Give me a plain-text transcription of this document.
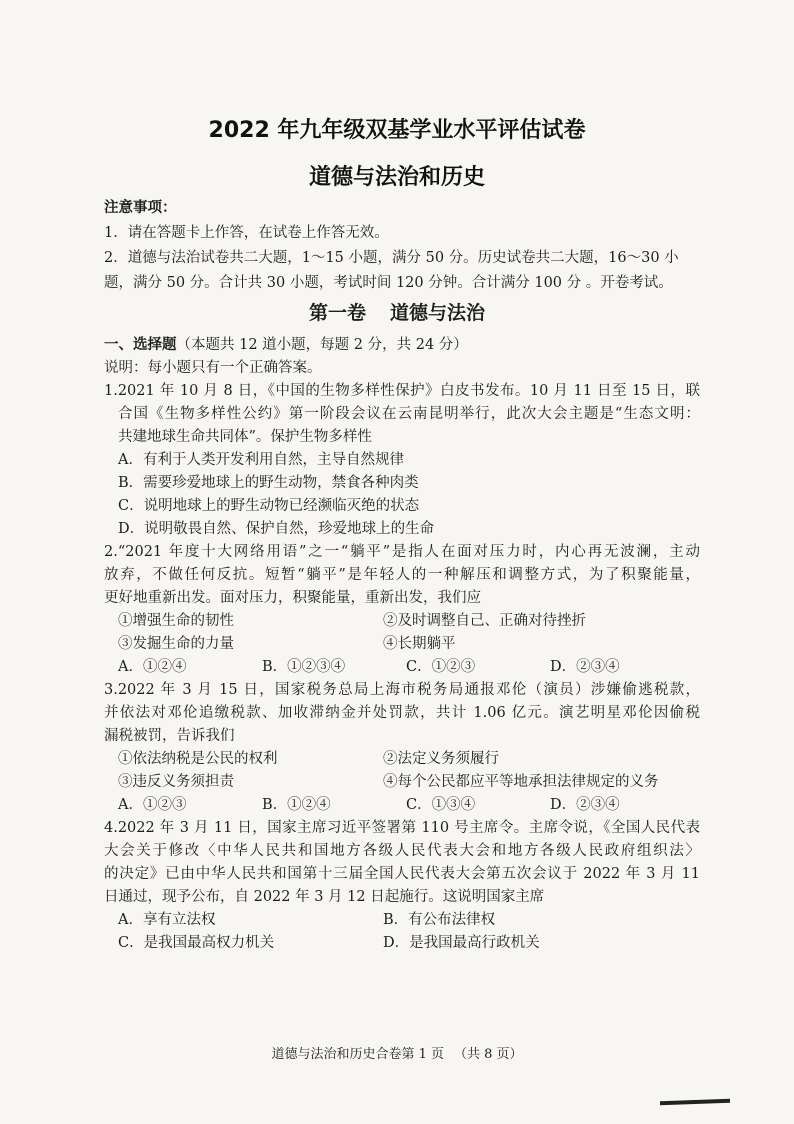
2022 年九年级双基学业水平评估试卷
道德与法治和历史
注意事项：
1．请在答题卡上作答，在试卷上作答无效。
2．道德与法治试卷共二大题，1～15 小题，满分 50 分。历史试卷共二大题，16～30 小
题，满分 50 分。合计共 30 小题，考试时间 120 分钟。合计满分 100 分 。开卷考试。
第一卷 道德与法治
一、选择题（本题共 12 道小题，每题 2 分，共 24 分）
说明：每小题只有一个正确答案。
1.2021 年 10 月 8 日，《中国的生物多样性保护》白皮书发布。10 月 11 日至 15 日，联
合国《生物多样性公约》第一阶段会议在云南昆明举行，此次大会主题是“生态文明：
共建地球生命共同体”。保护生物多样性
A．有利于人类开发利用自然，主导自然规律
B．需要珍爱地球上的野生动物，禁食各种肉类
C．说明地球上的野生动物已经濒临灭绝的状态
D．说明敬畏自然、保护自然，珍爱地球上的生命
2.“2021 年度十大网络用语”之一“躺平”是指人在面对压力时，内心再无波澜，主动
放弃，不做任何反抗。短暂“躺平”是年轻人的一种解压和调整方式，为了积聚能量，
更好地重新出发。面对压力，积聚能量，重新出发，我们应
①增强生命的韧性	②及时调整自己、正确对待挫折
③发掘生命的力量	④长期躺平
A．①②④	B．①②③④	C．①②③	D．②③④
3.2022 年 3 月 15 日，国家税务总局上海市税务局通报邓伦（演员）涉嫌偷逃税款，
并依法对邓伦追缴税款、加收滞纳金并处罚款，共计 1.06 亿元。演艺明星邓伦因偷税
漏税被罚，告诉我们
①依法纳税是公民的权利	②法定义务须履行
③违反义务须担责	④每个公民都应平等地承担法律规定的义务
A．①②③	B．①②④	C．①③④	D．②③④
4.2022 年 3 月 11 日，国家主席习近平签署第 110 号主席令。主席令说，《全国人民代表
大会关于修改〈中华人民共和国地方各级人民代表大会和地方各级人民政府组织法〉
的决定》已由中华人民共和国第十三届全国人民代表大会第五次会议于 2022 年 3 月 11
日通过，现予公布，自 2022 年 3 月 12 日起施行。这说明国家主席
A．享有立法权	B．有公布法律权
C．是我国最高权力机关	D．是我国最高行政机关
道德与法治和历史合卷第 1 页 （共 8 页）
